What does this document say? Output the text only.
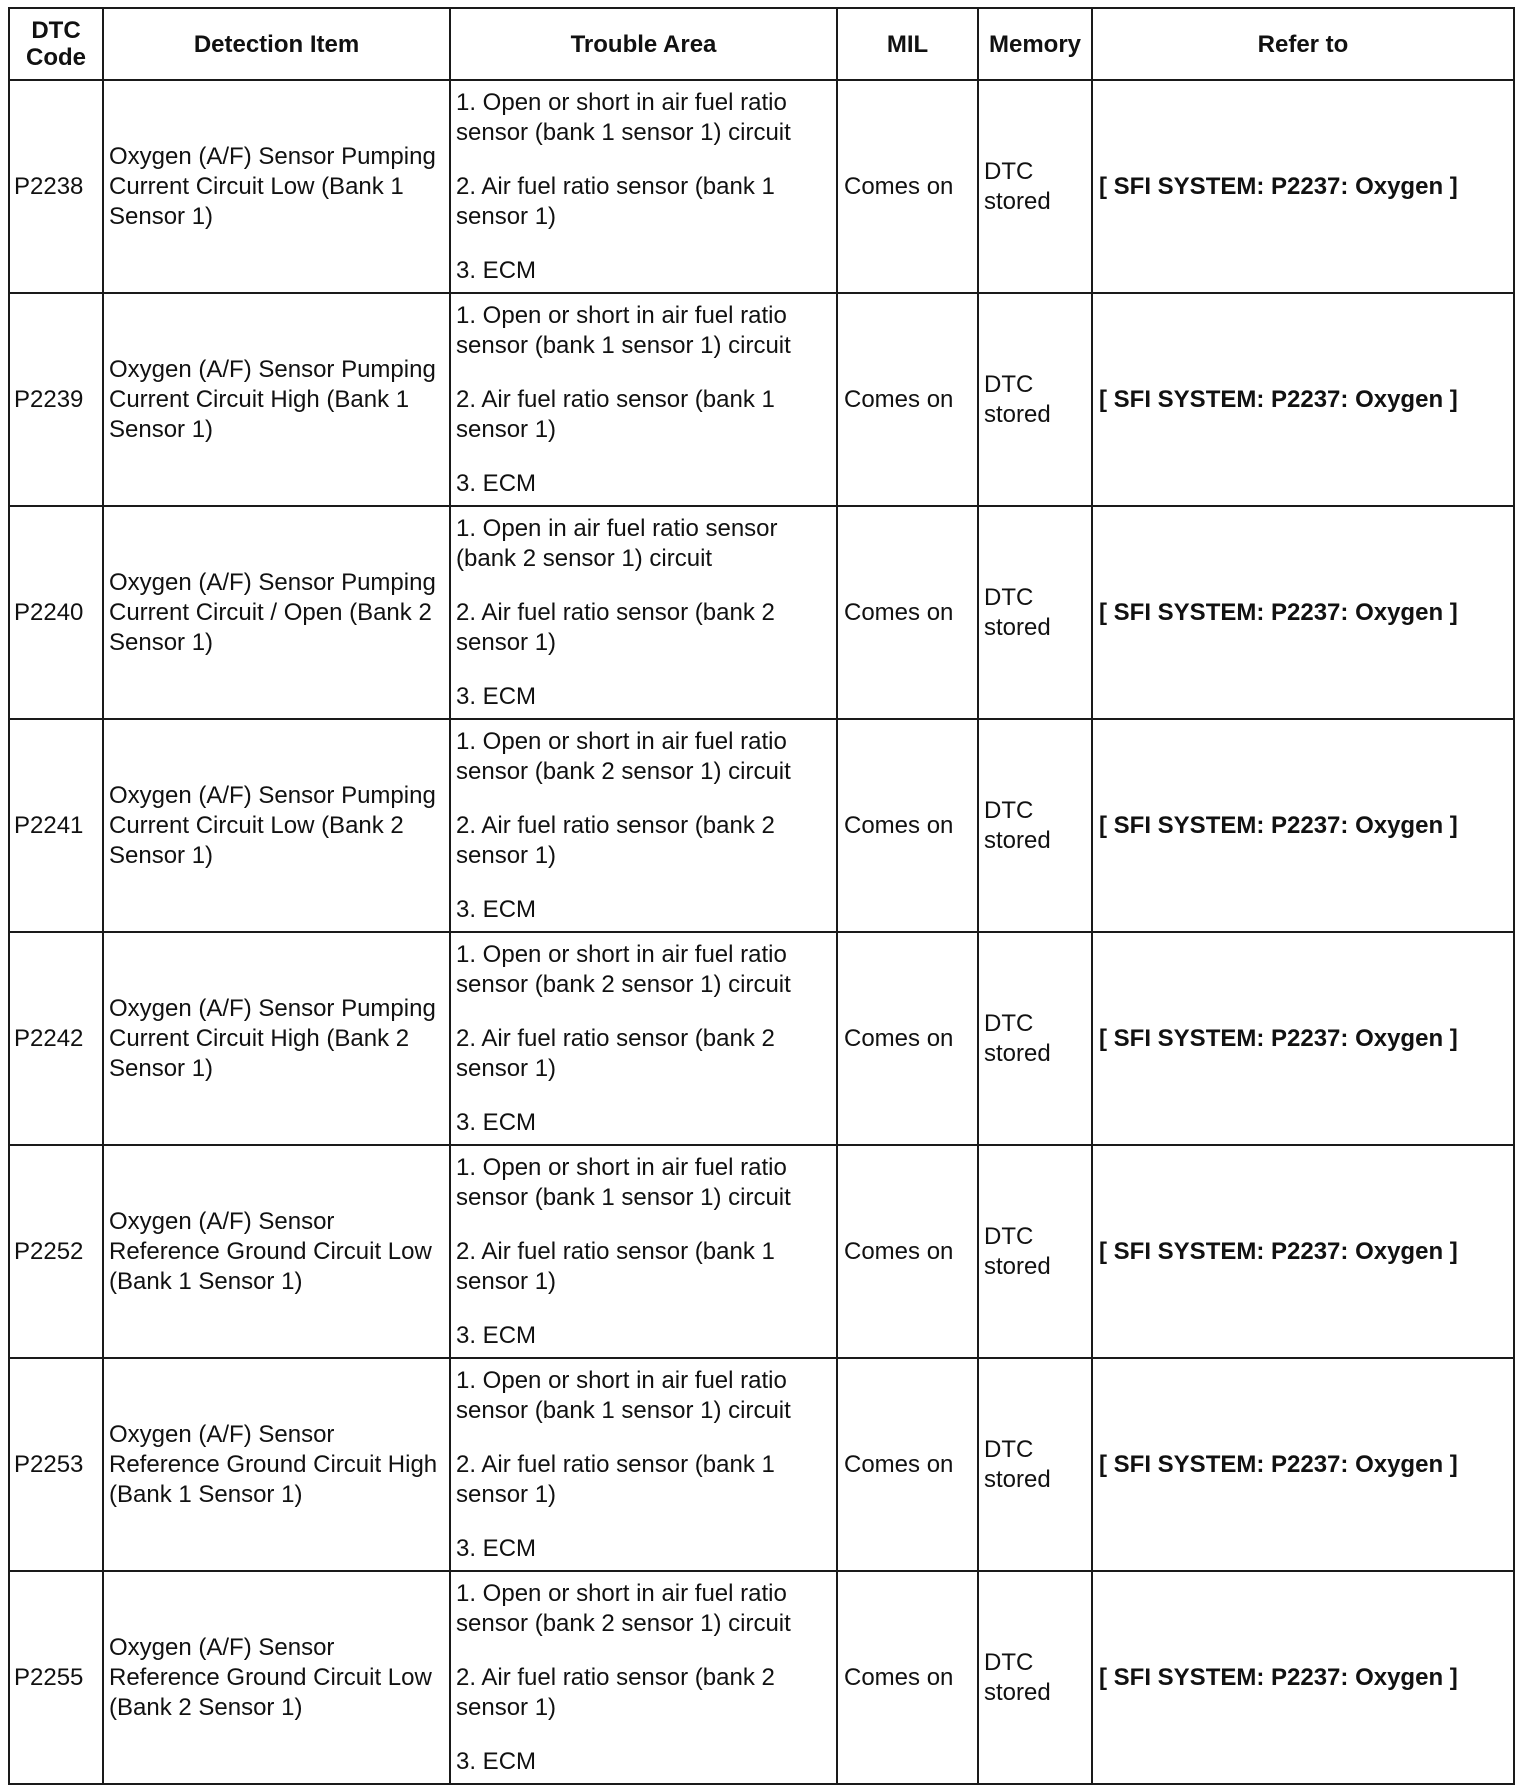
DTC Code	Detection Item	Trouble Area	MIL	Memory	Refer to
P2238	Oxygen (A/F) Sensor Pumping Current Circuit Low (Bank 1 Sensor 1)	1. Open or short in air fuel ratio sensor (bank 1 sensor 1) circuit
2. Air fuel ratio sensor (bank 1 sensor 1)
3. ECM	Comes on	DTC stored	[ SFI SYSTEM: P2237: Oxygen ]
P2239	Oxygen (A/F) Sensor Pumping Current Circuit High (Bank 1 Sensor 1)	1. Open or short in air fuel ratio sensor (bank 1 sensor 1) circuit
2. Air fuel ratio sensor (bank 1 sensor 1)
3. ECM	Comes on	DTC stored	[ SFI SYSTEM: P2237: Oxygen ]
P2240	Oxygen (A/F) Sensor Pumping Current Circuit / Open (Bank 2 Sensor 1)	1. Open in air fuel ratio sensor (bank 2 sensor 1) circuit
2. Air fuel ratio sensor (bank 2 sensor 1)
3. ECM	Comes on	DTC stored	[ SFI SYSTEM: P2237: Oxygen ]
P2241	Oxygen (A/F) Sensor Pumping Current Circuit Low (Bank 2 Sensor 1)	1. Open or short in air fuel ratio sensor (bank 2 sensor 1) circuit
2. Air fuel ratio sensor (bank 2 sensor 1)
3. ECM	Comes on	DTC stored	[ SFI SYSTEM: P2237: Oxygen ]
P2242	Oxygen (A/F) Sensor Pumping Current Circuit High (Bank 2 Sensor 1)	1. Open or short in air fuel ratio sensor (bank 2 sensor 1) circuit
2. Air fuel ratio sensor (bank 2 sensor 1)
3. ECM	Comes on	DTC stored	[ SFI SYSTEM: P2237: Oxygen ]
P2252	Oxygen (A/F) Sensor Reference Ground Circuit Low (Bank 1 Sensor 1)	1. Open or short in air fuel ratio sensor (bank 1 sensor 1) circuit
2. Air fuel ratio sensor (bank 1 sensor 1)
3. ECM	Comes on	DTC stored	[ SFI SYSTEM: P2237: Oxygen ]
P2253	Oxygen (A/F) Sensor Reference Ground Circuit High (Bank 1 Sensor 1)	1. Open or short in air fuel ratio sensor (bank 1 sensor 1) circuit
2. Air fuel ratio sensor (bank 1 sensor 1)
3. ECM	Comes on	DTC stored	[ SFI SYSTEM: P2237: Oxygen ]
P2255	Oxygen (A/F) Sensor Reference Ground Circuit Low (Bank 2 Sensor 1)	1. Open or short in air fuel ratio sensor (bank 2 sensor 1) circuit
2. Air fuel ratio sensor (bank 2 sensor 1)
3. ECM	Comes on	DTC stored	[ SFI SYSTEM: P2237: Oxygen ]
